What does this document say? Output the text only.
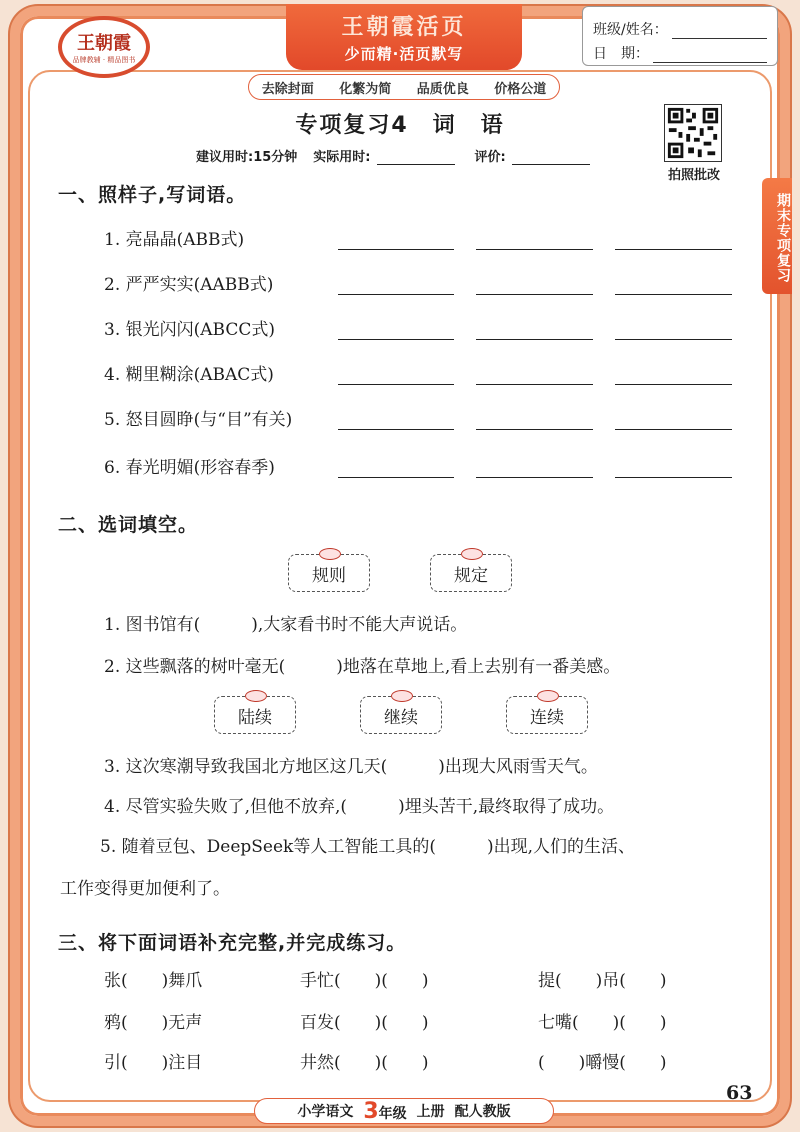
王朝霞
品牌教辅 · 精品图书
王朝霞活页
少而精·活页默写
去除封面 化繁为简 品质优良 价格公道
班级/姓名：
日　期：
期末专项复习
专项复习4　词　语
建议用时:15分钟 实际用时:	评价:
拍照批改
一、照样子,写词语。
1. 亮晶晶(ABB式)
2. 严严实实(AABB式)
3. 银光闪闪(ABCC式)
4. 糊里糊涂(ABAC式)
5. 怒目圆睁(与“目”有关)
6. 春光明媚(形容春季)
二、选词填空。
规则	规定
1. 图书馆有(　　　),大家看书时不能大声说话。
2. 这些飘落的树叶毫无(　　　)地落在草地上,看上去别有一番美感。
陆续	继续	连续
3. 这次寒潮导致我国北方地区这几天(　　　)出现大风雨雪天气。
4. 尽管实验失败了,但他不放弃,(　　　)埋头苦干,最终取得了成功。
5. 随着豆包、DeepSeek等人工智能工具的(　　　)出现,人们的生活、
工作变得更加便利了。
三、将下面词语补充完整,并完成练习。
张(　　)舞爪	手忙(　　)(　　)	提(　　)吊(　　)
鸦(　　)无声	百发(　　)(　　)	七嘴(　　)(　　)
引(　　)注目	井然(　　)(　　)	(　　)嚼慢(　　)
63
小学语文 3年级 上册 配人教版
